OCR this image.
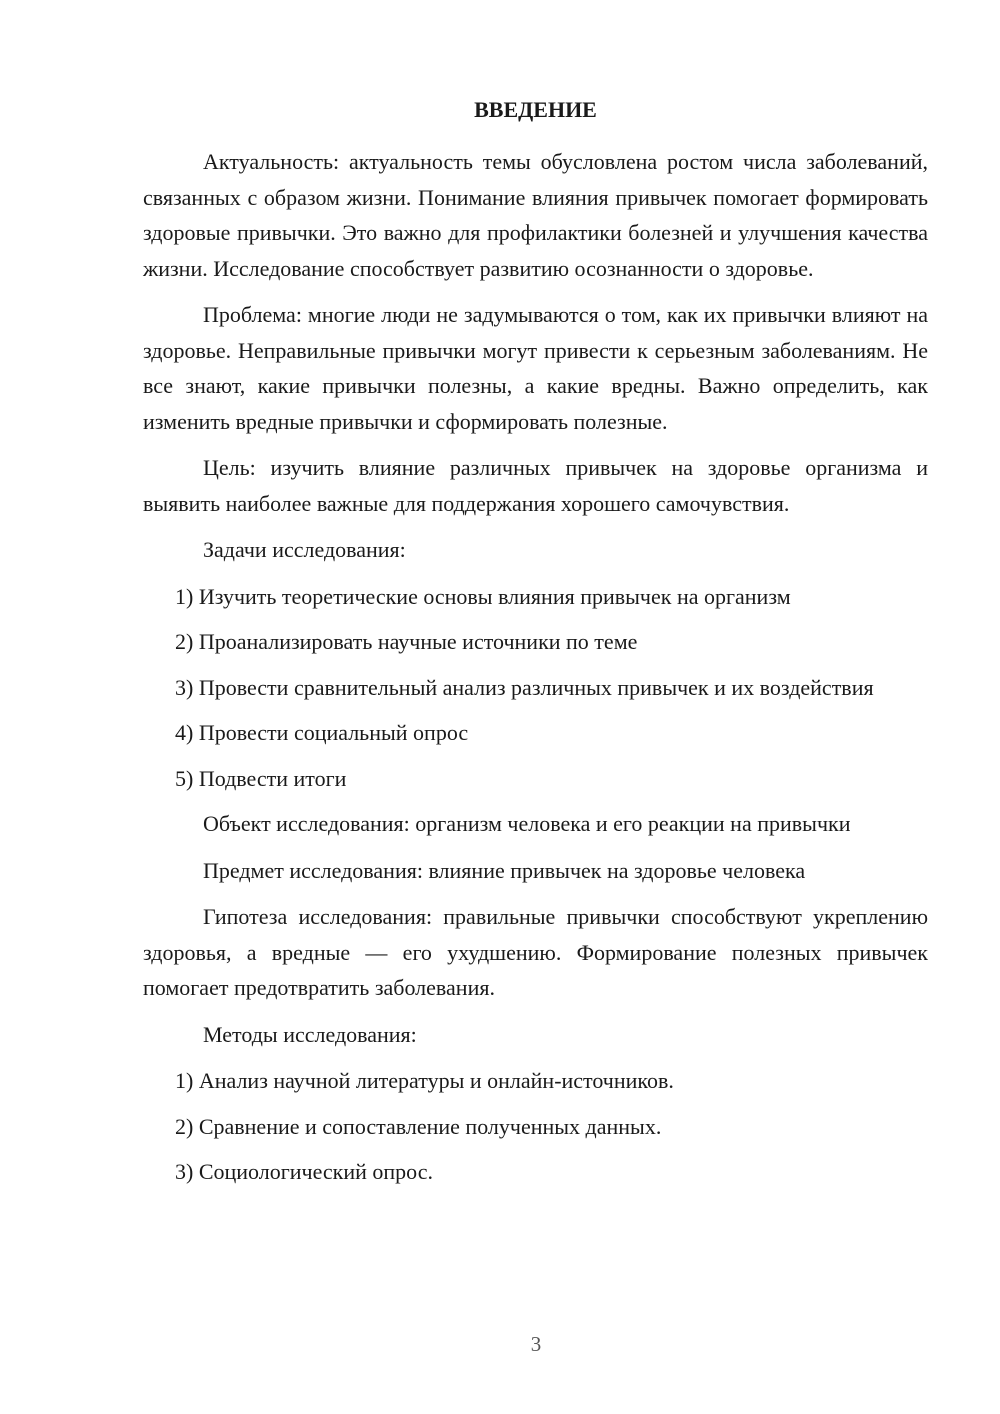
ВВЕДЕНИЕ

Актуальность: актуальность темы обусловлена ростом числа заболеваний, связанных с образом жизни. Понимание влияния привычек помогает формировать здоровые привычки. Это важно для профилактики болезней и улучшения качества жизни. Исследование способствует развитию осознанности о здоровье.

Проблема: многие люди не задумываются о том, как их привычки влияют на здоровье. Неправильные привычки могут привести к серьезным заболеваниям. Не все знают, какие привычки полезны, а какие вредны. Важно определить, как изменить вредные привычки и сформировать полезные.

Цель: изучить влияние различных привычек на здоровье организма и выявить наиболее важные для поддержания хорошего самочувствия.

Задачи исследования:

1) Изучить теоретические основы влияния привычек на организм

2) Проанализировать научные источники по теме

3) Провести сравнительный анализ различных привычек и их воздействия

4) Провести социальный опрос

5) Подвести итоги

Объект исследования: организм человека и его реакции на привычки

Предмет исследования: влияние привычек на здоровье человека

Гипотеза исследования: правильные привычки способствуют укреплению здоровья, а вредные — его ухудшению. Формирование полезных привычек помогает предотвратить заболевания.

Методы исследования:

1) Анализ научной литературы и онлайн-источников.

2) Сравнение и сопоставление полученных данных.

3) Социологический опрос.

3
